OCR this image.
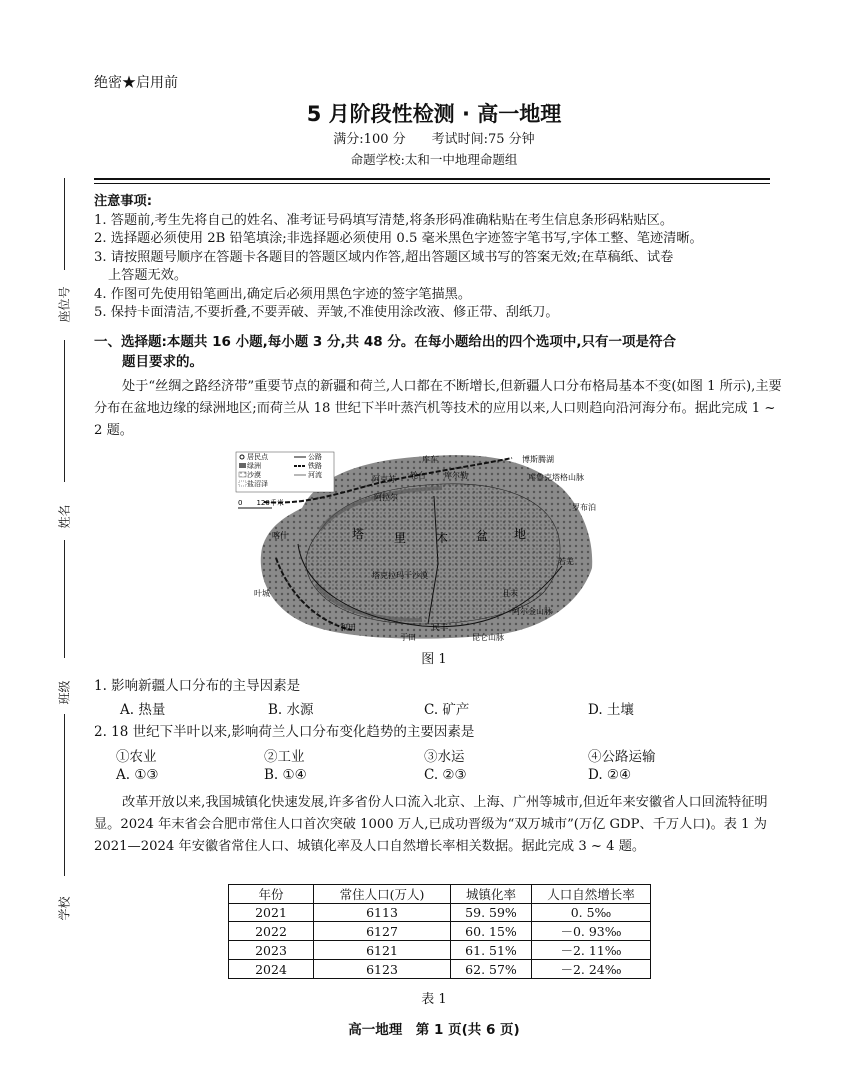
绝密★启用前
5 月阶段性检测 · 高一地理
满分:100 分　　考试时间:75 分钟
命题学校:太和一中地理命题组
座位号
姓名
班级
学校
注意事项:
1. 答题前,考生先将自己的姓名、准考证号码填写清楚,将条形码准确粘贴在考生信息条形码粘贴区。
2. 选择题必须使用 2B 铅笔填涂;非选择题必须使用 0.5 毫米黑色字迹签字笔书写,字体工整、笔迹清晰。
3. 请按照题号顺序在答题卡各题目的答题区域内作答,超出答题区域书写的答案无效;在草稿纸、试卷
上答题无效。
4. 作图可先使用铅笔画出,确定后必须用黑色字迹的签字笔描黑。
5. 保持卡面清洁,不要折叠,不要弄破、弄皱,不准使用涂改液、修正带、刮纸刀。
一、选择题:本题共 16 小题,每小题 3 分,共 48 分。在每小题给出的四个选项中,只有一项是符合
题目要求的。
处于“丝绸之路经济带”重要节点的新疆和荷兰,人口都在不断增长,但新疆人口分布格局基本不变(如图 1 所示),主要分布在盆地边缘的绿洲地区;而荷兰从 18 世纪下半叶蒸汽机等技术的应用以来,人口则趋向沿河海分布。据此完成 1 ~ 2 题。
居民点	公路
绿洲	铁路
沙漠	河流
盐沼泽
0　　120千米
库车
轮台
阿克苏	库尔勒
阿拉尔
喀什
叶城
和田
于田
民丰
且末
若羌
罗布泊
博斯腾湖
塔 里 木 盆 地
塔克拉玛干沙漠
库鲁克塔格山脉
阿尔金山脉
昆仑山脉
图 1
1. 影响新疆人口分布的主导因素是
A. 热量	B. 水源	C. 矿产	D. 土壤
2. 18 世纪下半叶以来,影响荷兰人口分布变化趋势的主要因素是
①农业	②工业	③水运	④公路运输
A. ①③	B. ①④	C. ②③	D. ②④
改革开放以来,我国城镇化快速发展,许多省份人口流入北京、上海、广州等城市,但近年来安徽省人口回流特征明显。2024 年末省会合肥市常住人口首次突破 1000 万人,已成功晋级为“双万城市”(万亿 GDP、千万人口)。表 1 为 2021—2024 年安徽省常住人口、城镇化率及人口自然增长率相关数据。据此完成 3 ~ 4 题。
年份	常住人口(万人)	城镇化率	人口自然增长率
2021	6113	59. 59%	0. 5‰
2022	6127	60. 15%	－0. 93‰
2023	6121	61. 51%	－2. 11‰
2024	6123	62. 57%	－2. 24‰
表 1
高一地理　第 1 页(共 6 页)
